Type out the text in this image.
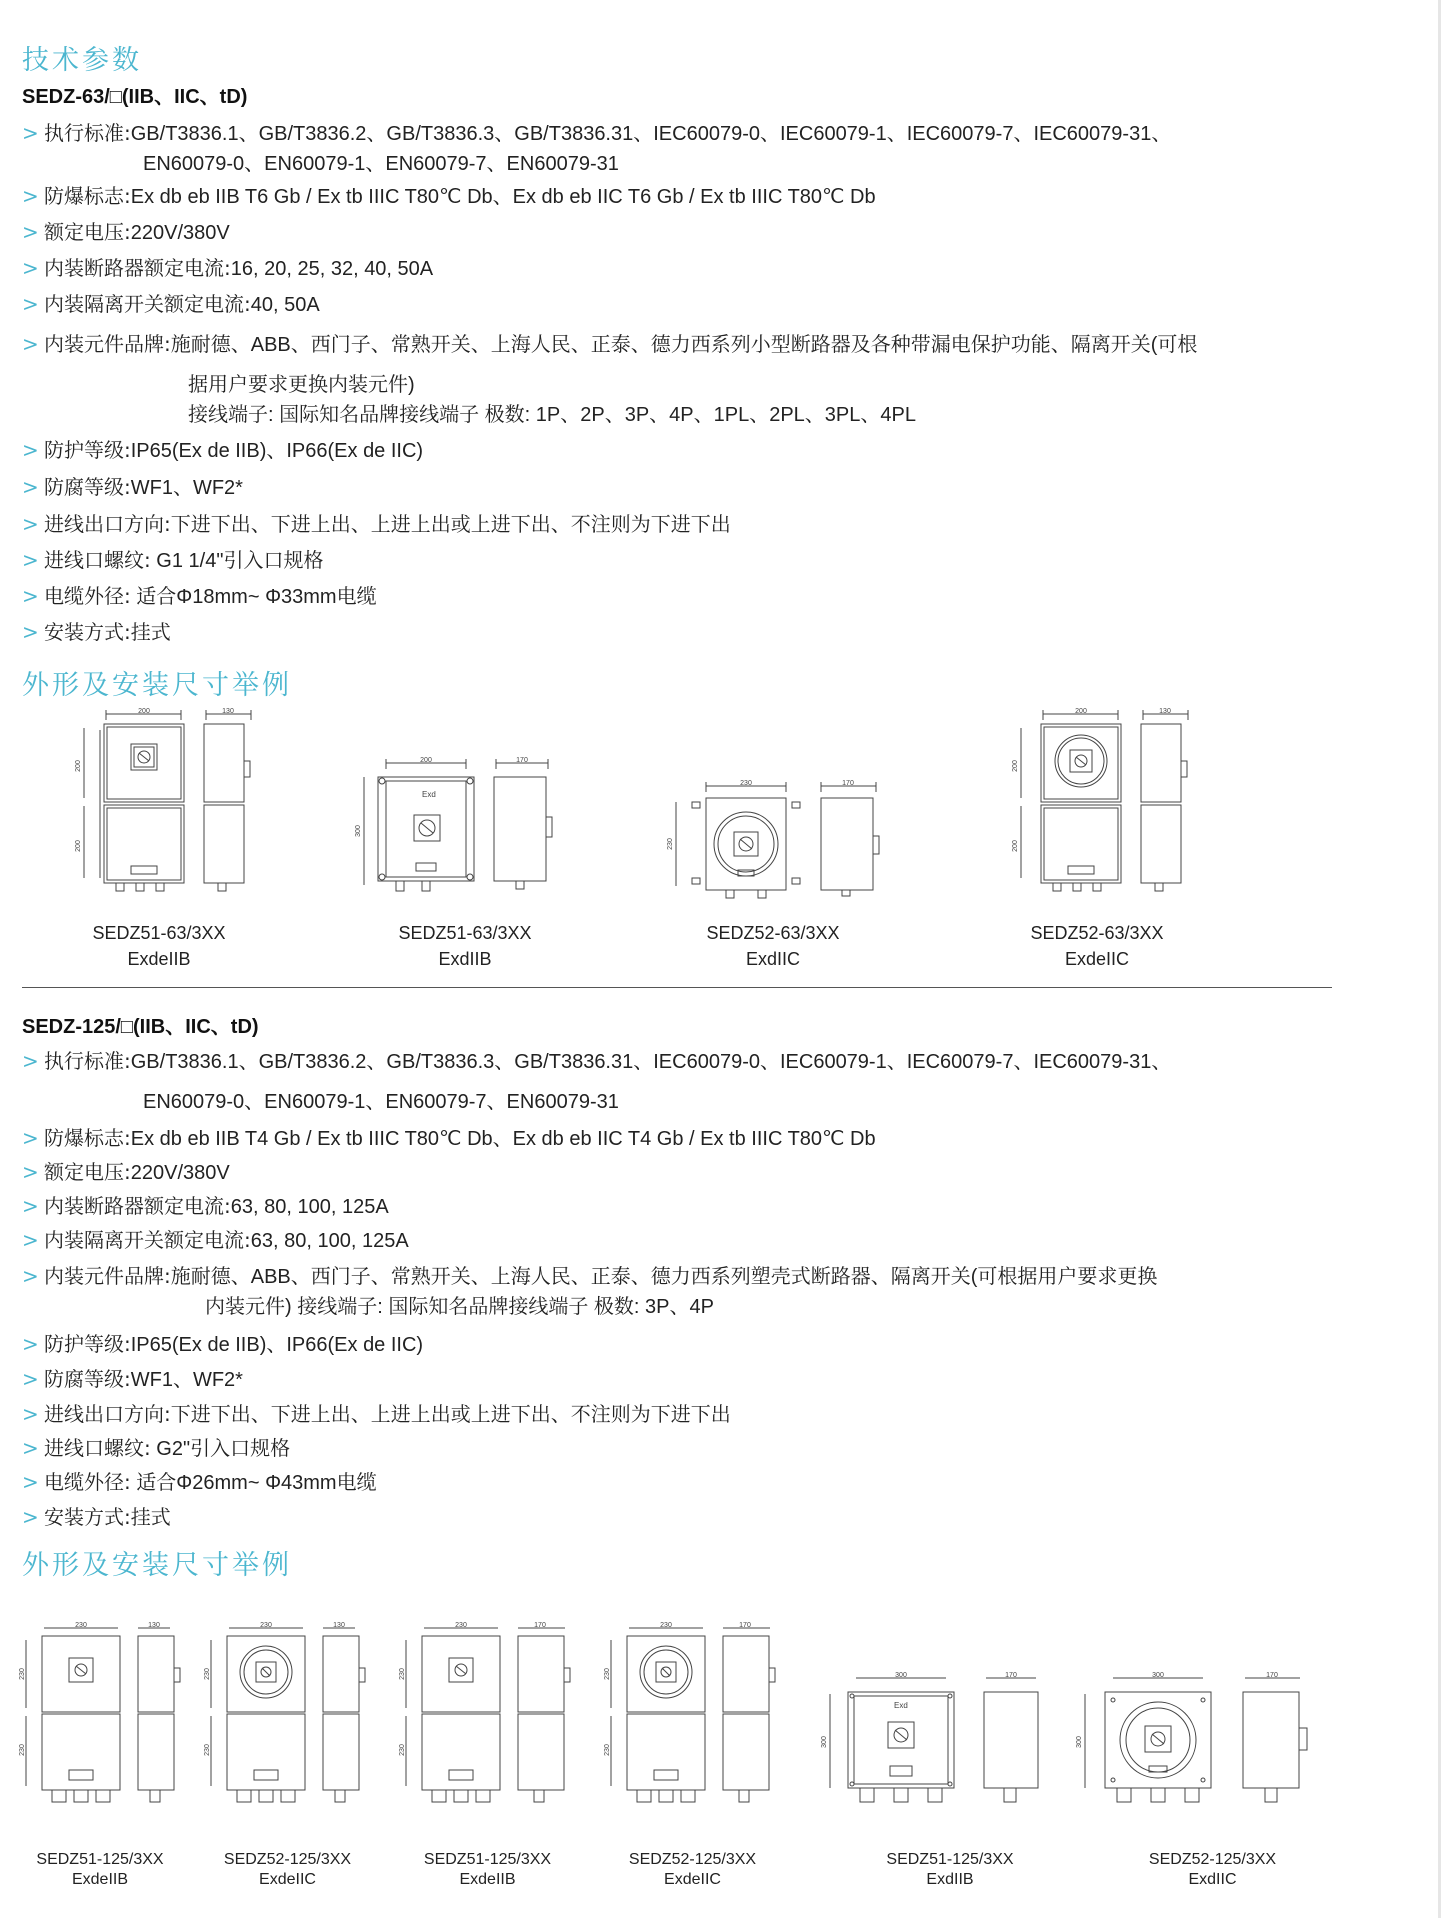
技术参数
SEDZ-63/□(IIB、IIC、tD)
> 执行标准:GB/T3836.1、GB/T3836.2、GB/T3836.3、GB/T3836.31、IEC60079-0、IEC60079-1、IEC60079-7、IEC60079-31、
EN60079-0、EN60079-1、EN60079-7、EN60079-31
> 防爆标志:Ex db eb IIB T6 Gb / Ex tb IIIC T80℃ Db、Ex db eb IIC T6 Gb / Ex tb IIIC T80℃ Db
> 额定电压:220V/380V
> 内装断路器额定电流:16, 20, 25, 32, 40, 50A
> 内装隔离开关额定电流:40, 50A
> 内装元件品牌:施耐德、ABB、西门子、常熟开关、上海人民、正泰、德力西系列小型断路器及各种带漏电保护功能、隔离开关(可根
据用户要求更换内装元件)
接线端子: 国际知名品牌接线端子 极数: 1P、2P、3P、4P、1PL、2PL、3PL、4PL
> 防护等级:IP65(Ex de IIB)、IP66(Ex de IIC)
> 防腐等级:WF1、WF2*
> 进线出口方向:下进下出、下进上出、上进上出或上进下出、不注则为下进下出
> 进线口螺纹: G1 1/4"引入口规格
> 电缆外径: 适合Φ18mm~ Φ33mm电缆
> 安装方式:挂式
外形及安装尺寸举例
200	130
200
200
SEDZ51-63/3XX
ExdeIIB
200	170
300
Exd
SEDZ51-63/3XX
ExdIIB
230	170
230
SEDZ52-63/3XX
ExdIIC
200	130
200
200
SEDZ52-63/3XX
ExdeIIC
SEDZ-125/□(IIB、IIC、tD)
> 执行标准:GB/T3836.1、GB/T3836.2、GB/T3836.3、GB/T3836.31、IEC60079-0、IEC60079-1、IEC60079-7、IEC60079-31、
EN60079-0、EN60079-1、EN60079-7、EN60079-31
> 防爆标志:Ex db eb IIB T4 Gb / Ex tb IIIC T80℃ Db、Ex db eb IIC T4 Gb / Ex tb IIIC T80℃ Db
> 额定电压:220V/380V
> 内装断路器额定电流:63, 80, 100, 125A
> 内装隔离开关额定电流:63, 80, 100, 125A
> 内装元件品牌:施耐德、ABB、西门子、常熟开关、上海人民、正泰、德力西系列塑壳式断路器、隔离开关(可根据用户要求更换
内装元件) 接线端子: 国际知名品牌接线端子 极数: 3P、4P
> 防护等级:IP65(Ex de IIB)、IP66(Ex de IIC)
> 防腐等级:WF1、WF2*
> 进线出口方向:下进下出、下进上出、上进上出或上进下出、不注则为下进下出
> 进线口螺纹: G2"引入口规格
> 电缆外径: 适合Φ26mm~ Φ43mm电缆
> 安装方式:挂式
外形及安装尺寸举例
230	130
230
230
SEDZ51-125/3XX
ExdeIIB
230	130
230
230
SEDZ52-125/3XX
ExdeIIC
230	170
230
230
SEDZ51-125/3XX
ExdeIIB
230	170
230
230
SEDZ52-125/3XX
ExdeIIC
300	170
300
Exd
SEDZ51-125/3XX
ExdIIB
300	170
300
SEDZ52-125/3XX
ExdIIC
